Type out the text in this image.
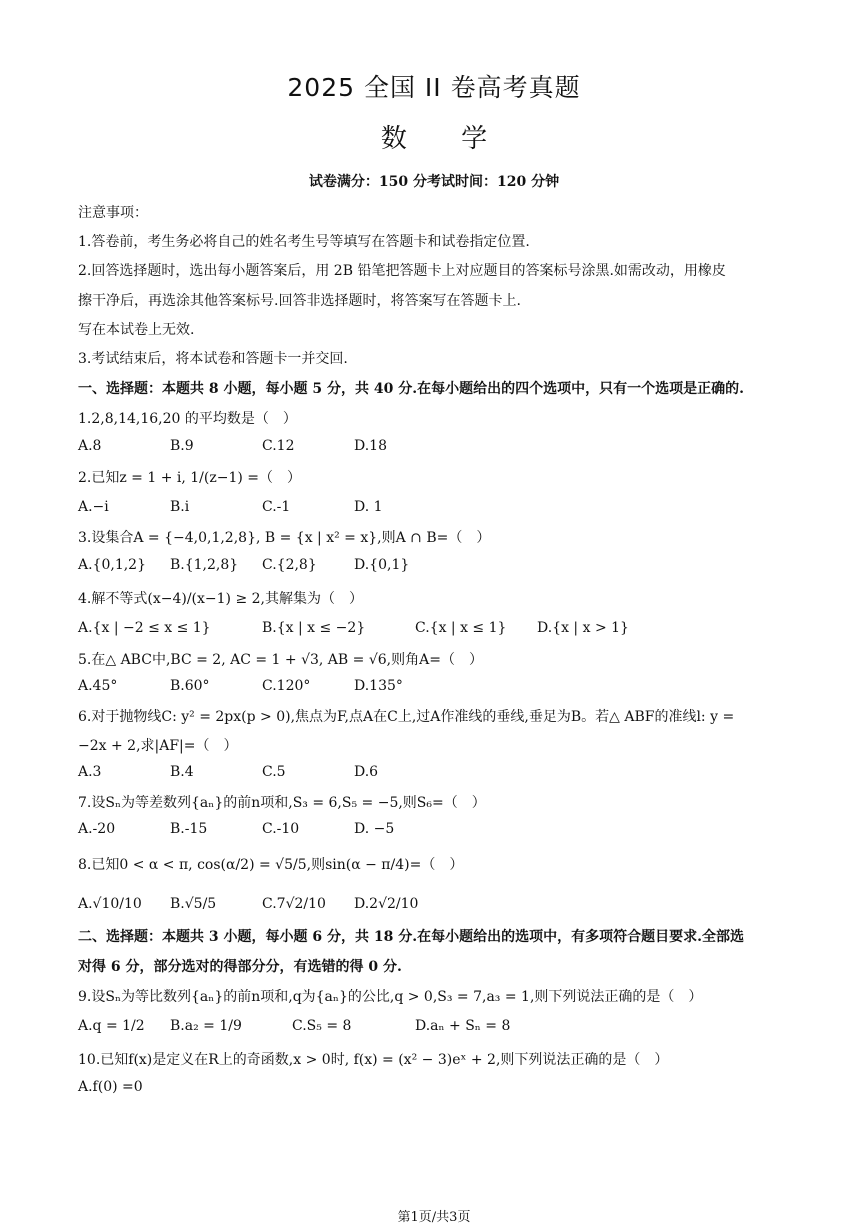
2025 全国 II 卷高考真题
数 学
试卷满分：150 分考试时间：120 分钟
注意事项：
1.答卷前，考生务必将自己的姓名考生号等填写在答题卡和试卷指定位置.
2.回答选择题时，选出每小题答案后，用 2B 铅笔把答题卡上对应题目的答案标号涂黑.如需改动，用橡皮
擦干净后，再选涂其他答案标号.回答非选择题时，将答案写在答题卡上.
写在本试卷上无效.
3.考试结束后，将本试卷和答题卡一并交回.
一、选择题：本题共 8 小题，每小题 5 分，共 40 分.在每小题给出的四个选项中，只有一个选项是正确的.
1.2,8,14,16,20 的平均数是（　）
A.8	B.9	C.12	D.18
2.已知z = 1 + i, 1/(z−1) =（　）
A.−i	B.i	C.-1	D. 1
3.设集合A = {−4,0,1,2,8}, B = {x | x² = x},则A ∩ B=（　）
A.{0,1,2} B.{1,2,8} C.{2,8}	D.{0,1}
4.解不等式(x−4)/(x−1) ≥ 2,其解集为（　）
A.{x | −2 ≤ x ≤ 1}	B.{x | x ≤ −2}	C.{x | x ≤ 1} D.{x | x > 1}
5.在△ ABC中,BC = 2, AC = 1 + √3, AB = √6,则角A=（　）
A.45°	B.60°	C.120°	D.135°
6.对于抛物线C: y² = 2px(p > 0),焦点为F,点A在C上,过A作准线的垂线,垂足为B。若△ ABF的准线l: y =
−2x + 2,求|AF|=（　）
A.3	B.4	C.5	D.6
7.设Sₙ为等差数列{aₙ}的前n项和,S₃ = 6,S₅ = −5,则S₆=（　）
A.-20	B.-15	C.-10	D. −5
8.已知0 < α < π, cos(α/2) = √5/5,则sin(α − π/4)=（　）
A.√10/10 B.√5/5	C.7√2/10 D.2√2/10
二、选择题：本题共 3 小题，每小题 6 分，共 18 分.在每小题给出的选项中，有多项符合题目要求.全部选
对得 6 分，部分选对的得部分分，有选错的得 0 分.
9.设Sₙ为等比数列{aₙ}的前n项和,q为{aₙ}的公比,q > 0,S₃ = 7,a₃ = 1,则下列说法正确的是（　）
A.q = 1/2 B.a₂ = 1/9	C.S₅ = 8	D.aₙ + Sₙ = 8
10.已知f(x)是定义在R上的奇函数,x > 0时, f(x) = (x² − 3)eˣ + 2,则下列说法正确的是（　）
A.f(0) =0
第1页/共3页
